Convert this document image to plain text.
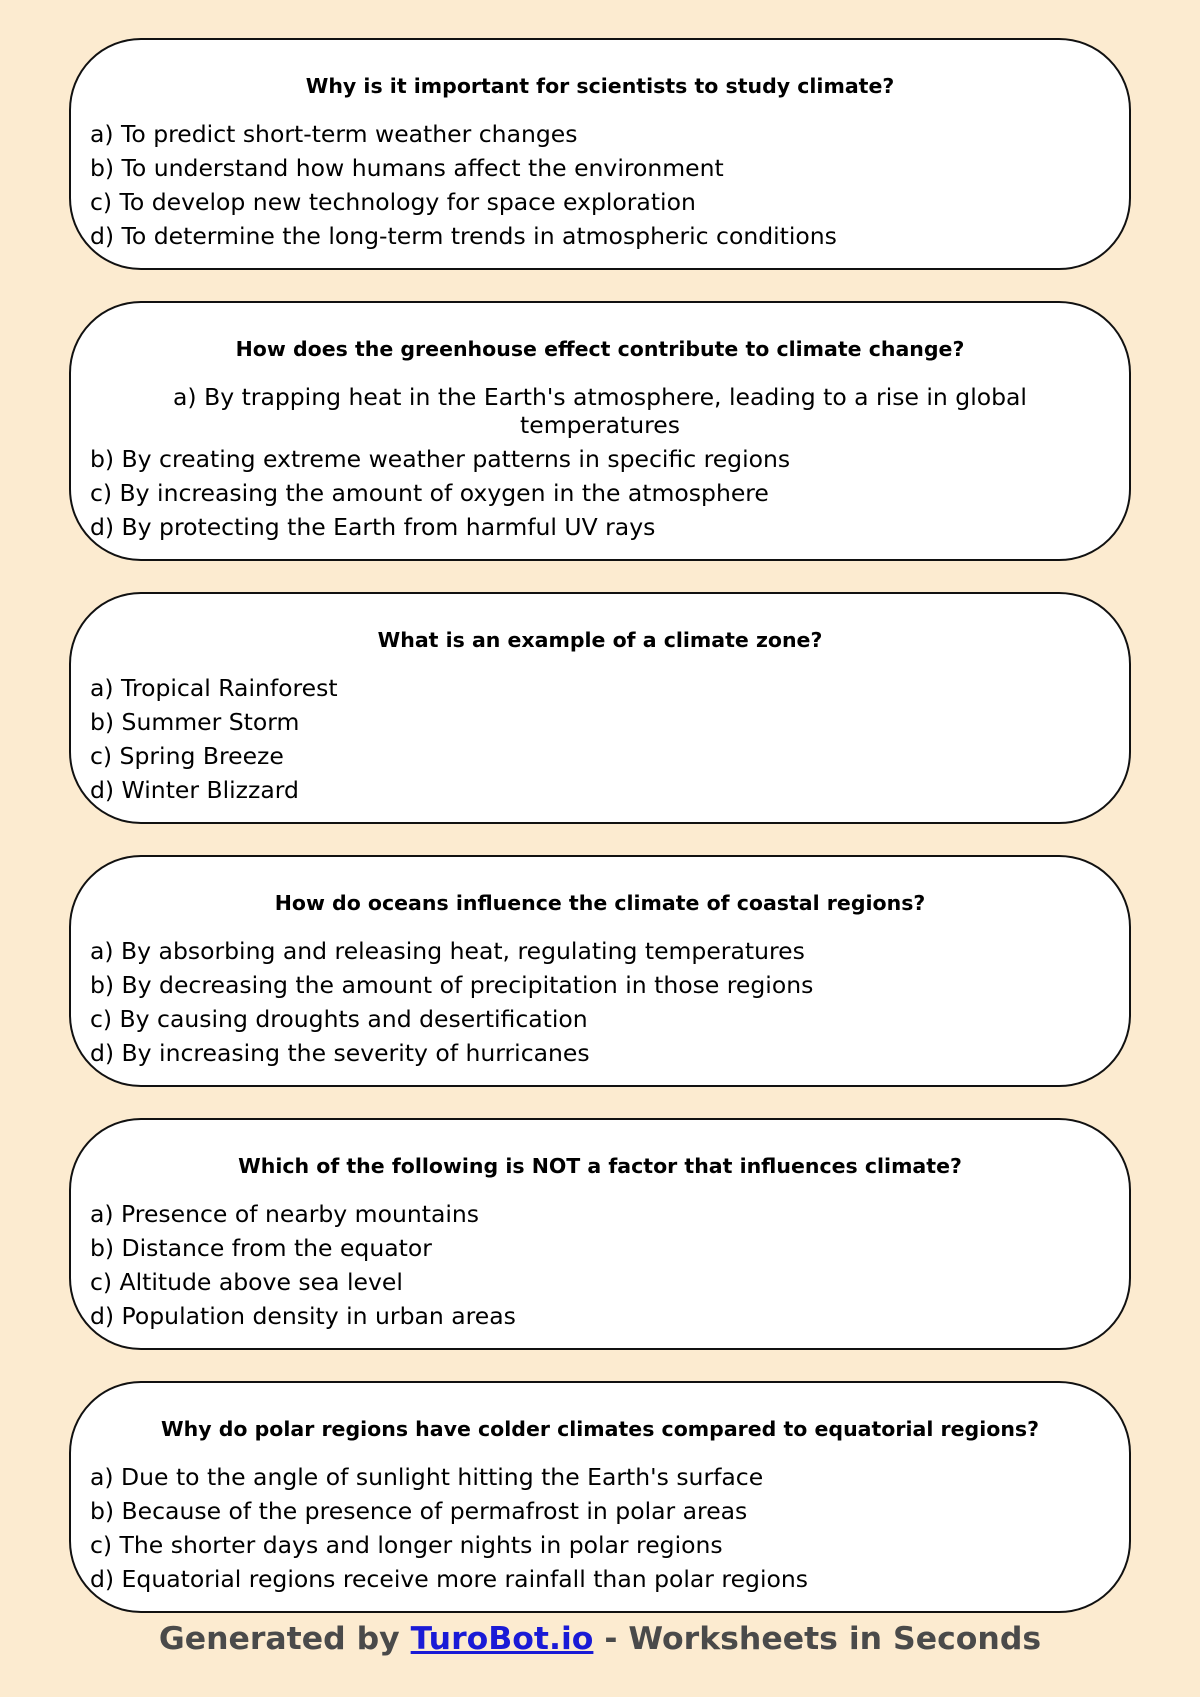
Why is it important for scientists to study climate?
a) To predict short-term weather changes
b) To understand how humans affect the environment
c) To develop new technology for space exploration
d) To determine the long-term trends in atmospheric conditions
How does the greenhouse effect contribute to climate change?
a) By trapping heat in the Earth's atmosphere, leading to a rise in global temperatures
b) By creating extreme weather patterns in specific regions
c) By increasing the amount of oxygen in the atmosphere
d) By protecting the Earth from harmful UV rays
What is an example of a climate zone?
a) Tropical Rainforest
b) Summer Storm
c) Spring Breeze
d) Winter Blizzard
How do oceans influence the climate of coastal regions?
a) By absorbing and releasing heat, regulating temperatures
b) By decreasing the amount of precipitation in those regions
c) By causing droughts and desertification
d) By increasing the severity of hurricanes
Which of the following is NOT a factor that influences climate?
a) Presence of nearby mountains
b) Distance from the equator
c) Altitude above sea level
d) Population density in urban areas
Why do polar regions have colder climates compared to equatorial regions?
a) Due to the angle of sunlight hitting the Earth's surface
b) Because of the presence of permafrost in polar areas
c) The shorter days and longer nights in polar regions
d) Equatorial regions receive more rainfall than polar regions
Generated by TuroBot.io - Worksheets in Seconds
